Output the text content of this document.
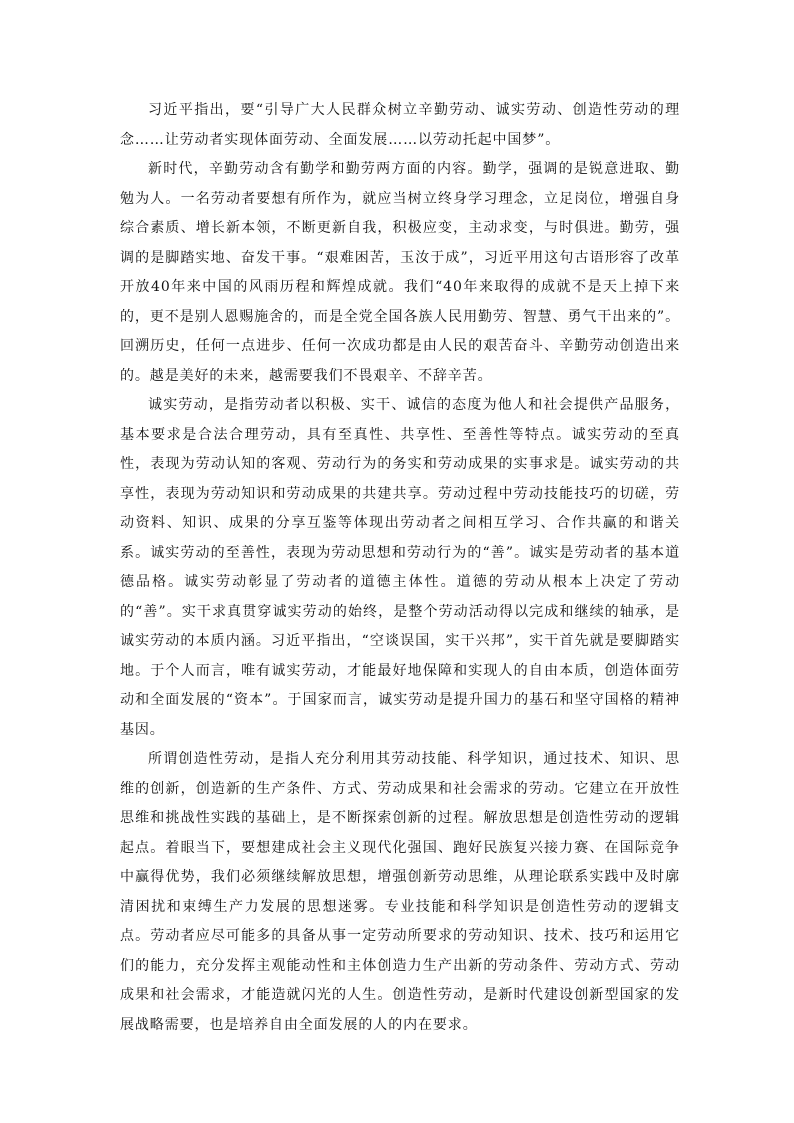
习近平指出，要“引导广大人民群众树立辛勤劳动、诚实劳动、创造性劳动的理念……让劳动者实现体面劳动、全面发展……以劳动托起中国梦”。

新时代，辛勤劳动含有勤学和勤劳两方面的内容。勤学，强调的是锐意进取、勤勉为人。一名劳动者要想有所作为，就应当树立终身学习理念，立足岗位，增强自身综合素质、增长新本领，不断更新自我，积极应变，主动求变，与时俱进。勤劳，强调的是脚踏实地、奋发干事。“艰难困苦，玉汝于成”，习近平用这句古语形容了改革开放40年来中国的风雨历程和辉煌成就。我们“40年来取得的成就不是天上掉下来的，更不是别人恩赐施舍的，而是全党全国各族人民用勤劳、智慧、勇气干出来的”。回溯历史，任何一点进步、任何一次成功都是由人民的艰苦奋斗、辛勤劳动创造出来的。越是美好的未来，越需要我们不畏艰辛、不辞辛苦。

诚实劳动，是指劳动者以积极、实干、诚信的态度为他人和社会提供产品服务，基本要求是合法合理劳动，具有至真性、共享性、至善性等特点。诚实劳动的至真性，表现为劳动认知的客观、劳动行为的务实和劳动成果的实事求是。诚实劳动的共享性，表现为劳动知识和劳动成果的共建共享。劳动过程中劳动技能技巧的切磋，劳动资料、知识、成果的分享互鉴等体现出劳动者之间相互学习、合作共赢的和谐关系。诚实劳动的至善性，表现为劳动思想和劳动行为的“善”。诚实是劳动者的基本道德品格。诚实劳动彰显了劳动者的道德主体性。道德的劳动从根本上决定了劳动的“善”。实干求真贯穿诚实劳动的始终，是整个劳动活动得以完成和继续的轴承，是诚实劳动的本质内涵。习近平指出，“空谈误国，实干兴邦”，实干首先就是要脚踏实地。于个人而言，唯有诚实劳动，才能最好地保障和实现人的自由本质，创造体面劳动和全面发展的“资本”。于国家而言，诚实劳动是提升国力的基石和坚守国格的精神基因。

所谓创造性劳动，是指人充分利用其劳动技能、科学知识，通过技术、知识、思维的创新，创造新的生产条件、方式、劳动成果和社会需求的劳动。它建立在开放性思维和挑战性实践的基础上，是不断探索创新的过程。解放思想是创造性劳动的逻辑起点。着眼当下，要想建成社会主义现代化强国、跑好民族复兴接力赛、在国际竞争中赢得优势，我们必须继续解放思想，增强创新劳动思维，从理论联系实践中及时廓清困扰和束缚生产力发展的思想迷雾。专业技能和科学知识是创造性劳动的逻辑支点。劳动者应尽可能多的具备从事一定劳动所要求的劳动知识、技术、技巧和运用它们的能力，充分发挥主观能动性和主体创造力生产出新的劳动条件、劳动方式、劳动成果和社会需求，才能造就闪光的人生。创造性劳动，是新时代建设创新型国家的发展战略需要，也是培养自由全面发展的人的内在要求。
